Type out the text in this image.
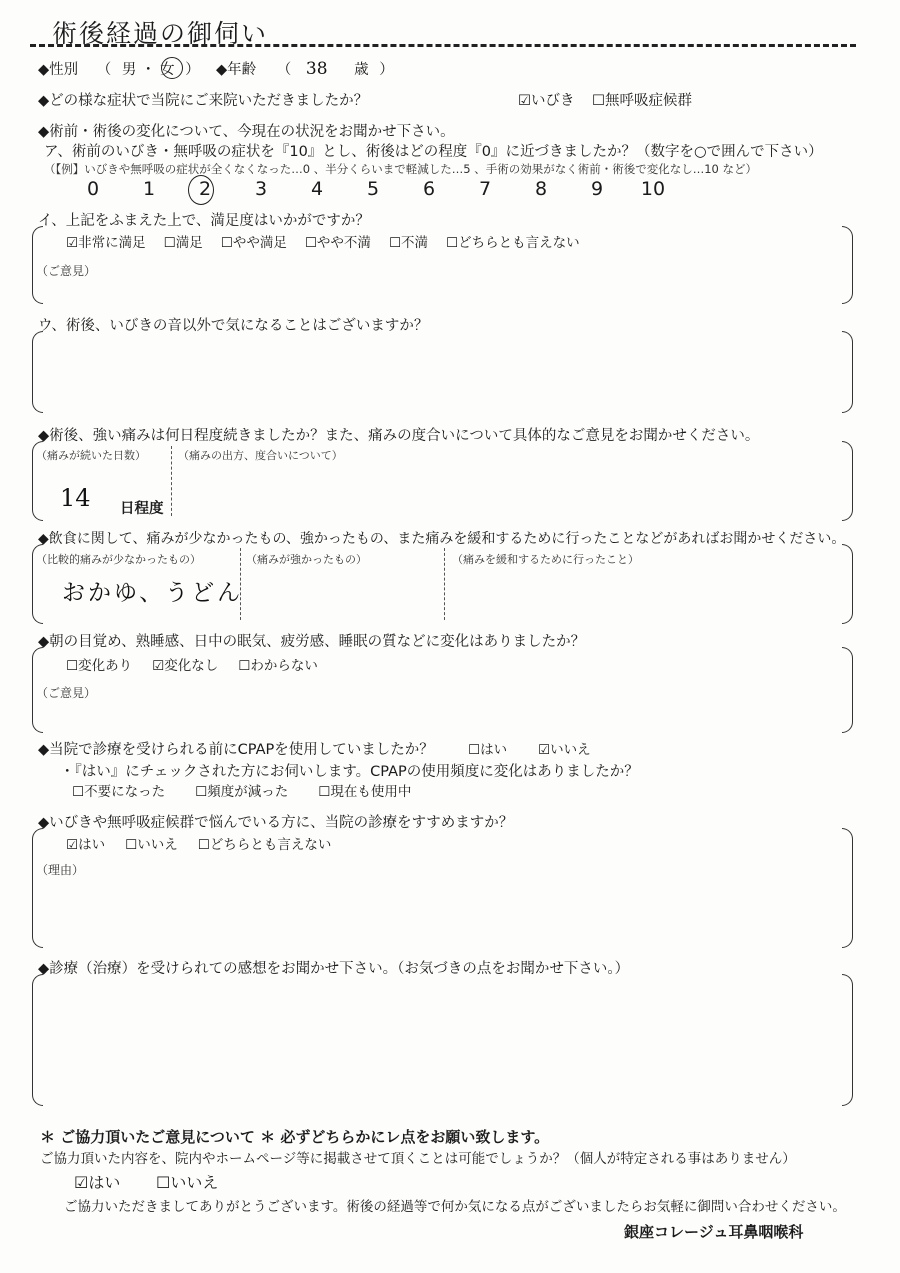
術後経過の御伺い
◆性別 （ 男 ・ 女 ） ◆年齢 （ 38 歳 ）
◆どの様な症状で当院にご来院いただきましたか？	☑いびき ☐無呼吸症候群
◆術前・術後の変化について、今現在の状況をお聞かせ下さい。
ア、術前のいびき・無呼吸の症状を『10』とし、術後はどの程度『0』に近づきましたか？（数字を○で囲んで下さい）
（【例】いびきや無呼吸の症状が全くなくなった…0 、半分くらいまで軽減した…5 、手術の効果がなく術前・術後で変化なし…10 など）
0	1	2	3	4	5	6	7	8	9	10
イ、上記をふまえた上で、満足度はいかがですか？
☑非常に満足 ☐満足 ☐やや満足 ☐やや不満 ☐不満 ☐どちらとも言えない
（ご意見）
ウ、術後、いびきの音以外で気になることはございますか？
◆術後、強い痛みは何日程度続きましたか？また、痛みの度合いについて具体的なご意見をお聞かせください。
（痛みが続いた日数）	（痛みの出方、度合いについて）
14 日程度
◆飲食に関して、痛みが少なかったもの、強かったもの、また痛みを緩和するために行ったことなどがあればお聞かせください。
（比較的痛みが少なかったもの）	（痛みが強かったもの）	（痛みを緩和するために行ったこと）
おかゆ、うどん
◆朝の目覚め、熟睡感、日中の眠気、疲労感、睡眠の質などに変化はありましたか？
☐変化あり ☑変化なし ☐わからない
（ご意見）
◆当院で診療を受けられる前にCPAPを使用していましたか？	☐はい ☑いいえ
・『はい』にチェックされた方にお伺いします。CPAPの使用頻度に変化はありましたか？
☐不要になった ☐頻度が減った ☐現在も使用中
◆いびきや無呼吸症候群で悩んでいる方に、当院の診療をすすめますか？
☑はい ☐いいえ ☐どちらとも言えない
（理由）
◆診療（治療）を受けられての感想をお聞かせ下さい。（お気づきの点をお聞かせ下さい。）
＊ ご協力頂いたご意見について ＊ 必ずどちらかにレ点をお願い致します。
ご協力頂いた内容を、院内やホームページ等に掲載させて頂くことは可能でしょうか？（個人が特定される事はありません）
☑はい ☐いいえ
ご協力いただきましてありがとうございます。術後の経過等で何か気になる点がございましたらお気軽に御問い合わせください。
銀座コレージュ耳鼻咽喉科
